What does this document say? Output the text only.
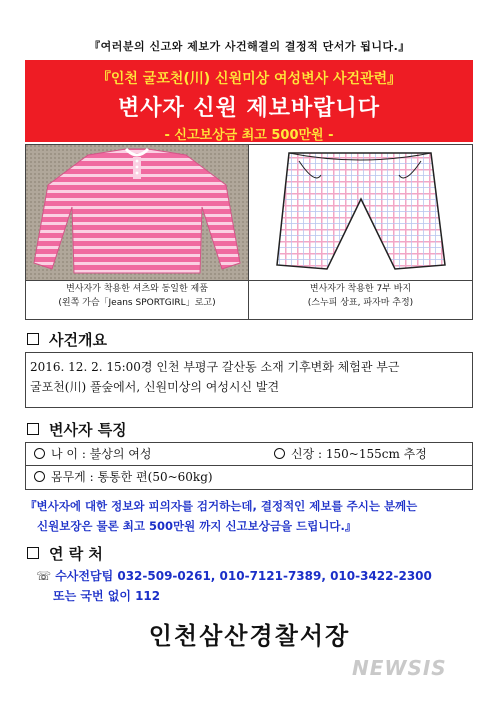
『여러분의 신고와 제보가 사건해결의 결정적 단서가 됩니다.』
『인천 굴포천(川) 신원미상 여성변사 사건관련』
변사자 신원 제보바랍니다
- 신고보상금 최고 500만원 -
변사자가 착용한 셔츠와 동일한 제품
(왼쪽 가슴「Jeans SPORTGIRL」로고)
변사자가 착용한 7부 바지
(스누피 상표, 파자마 추정)
사건개요
2016. 12. 2. 15:00경 인천 부평구 갈산동 소재 기후변화 체험관 부근
굴포천(川) 풀숲에서, 신원미상의 여성시신 발견
변사자 특징
나 이 : 불상의 여성	신장 : 150~155cm 추정
몸무게 : 통통한 편(50~60kg)
『변사자에 대한 정보와 피의자를 검거하는데, 결정적인 제보를 주시는 분께는
신원보장은 물론 최고 500만원 까지 신고보상금을 드립니다.』
연 락 처
☏ 수사전담팀 032-509-0261, 010-7121-7389, 010-3422-2300
또는 국번 없이 112
인천삼산경찰서장
NEWSIS
